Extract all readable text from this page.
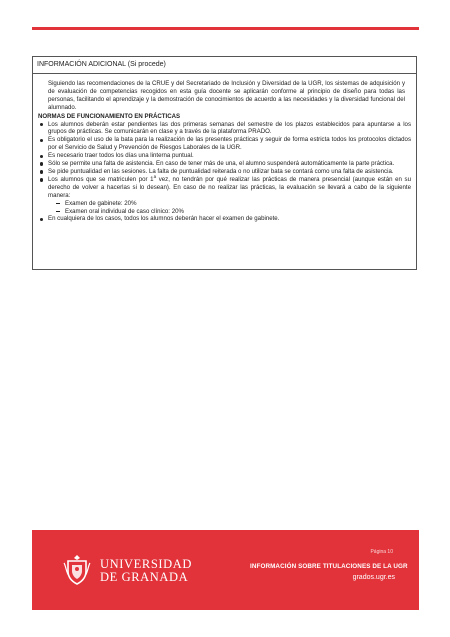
INFORMACIÓN ADICIONAL (Si procede)

Siguiendo las recomendaciones de la CRUE y del Secretariado de Inclusión y Diversidad de la UGR, los sistemas de adquisición y de evaluación de competencias recogidos en esta guía docente se aplicarán conforme al principio de diseño para todas las personas, facilitando el aprendizaje y la demostración de conocimientos de acuerdo a las necesidades y la diversidad funcional del alumnado.

NORMAS DE FUNCIONAMIENTO EN PRÁCTICAS

Los alumnos deberán estar pendientes las dos primeras semanas del semestre de los plazos establecidos para apuntarse a los grupos de prácticas. Se comunicarán en clase y a través de la plataforma PRADO.
Es obligatorio el uso de la bata para la realización de las presentes prácticas y seguir de forma estricta todos los protocolos dictados por el Servicio de Salud y Prevención de Riesgos Laborales de la UGR.
Es necesario traer todos los días una linterna puntual.
Sólo se permite una falta de asistencia. En caso de tener más de una, el alumno suspenderá automáticamente la parte práctica.
Se pide puntualidad en las sesiones. La falta de puntualidad reiterada o no utilizar bata se contará como una falta de asistencia.
Los alumnos que se matriculen por 1$^a$ vez, no tendrán por qué realizar las prácticas de manera presencial (aunque están en su derecho de volver a hacerlas si lo desean). En caso de no realizar las prácticas, la evaluación se llevará a cabo de la siguiente manera:
Examen de gabinete: 20%
Examen oral individual de caso clínico: 20%
En cualquiera de los casos, todos los alumnos deberán hacer el examen de gabinete.
Página 10
UNIVERSIDAD
DE GRANADA
INFORMACIÓN SOBRE TITULACIONES DE LA UGR
grados.ugr.es
